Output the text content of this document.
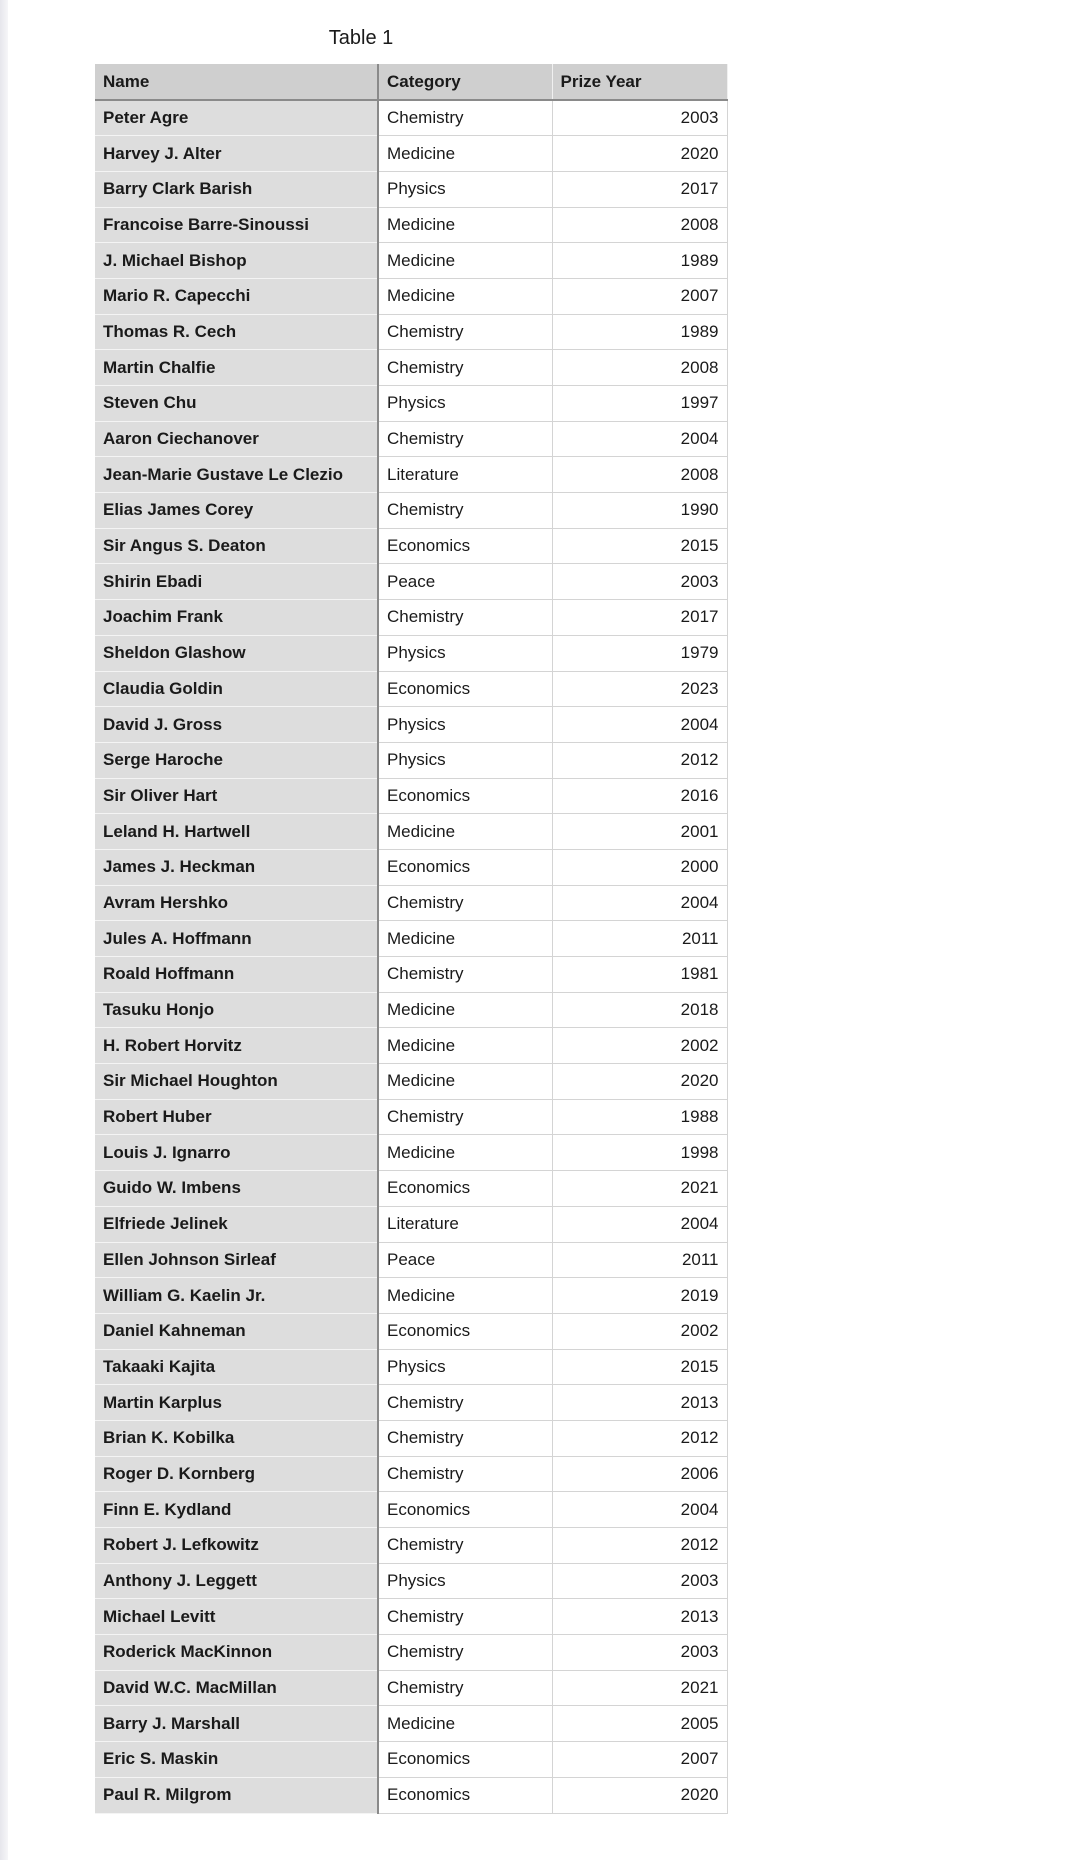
Table 1
Name	Category	Prize Year
Peter Agre	Chemistry	2003
Harvey J. Alter	Medicine	2020
Barry Clark Barish	Physics	2017
Francoise Barre-Sinoussi	Medicine	2008
J. Michael Bishop	Medicine	1989
Mario R. Capecchi	Medicine	2007
Thomas R. Cech	Chemistry	1989
Martin Chalfie	Chemistry	2008
Steven Chu	Physics	1997
Aaron Ciechanover	Chemistry	2004
Jean-Marie Gustave Le Clezio	Literature	2008
Elias James Corey	Chemistry	1990
Sir Angus S. Deaton	Economics	2015
Shirin Ebadi	Peace	2003
Joachim Frank	Chemistry	2017
Sheldon Glashow	Physics	1979
Claudia Goldin	Economics	2023
David J. Gross	Physics	2004
Serge Haroche	Physics	2012
Sir Oliver Hart	Economics	2016
Leland H. Hartwell	Medicine	2001
James J. Heckman	Economics	2000
Avram Hershko	Chemistry	2004
Jules A. Hoffmann	Medicine	2011
Roald Hoffmann	Chemistry	1981
Tasuku Honjo	Medicine	2018
H. Robert Horvitz	Medicine	2002
Sir Michael Houghton	Medicine	2020
Robert Huber	Chemistry	1988
Louis J. Ignarro	Medicine	1998
Guido W. Imbens	Economics	2021
Elfriede Jelinek	Literature	2004
Ellen Johnson Sirleaf	Peace	2011
William G. Kaelin Jr.	Medicine	2019
Daniel Kahneman	Economics	2002
Takaaki Kajita	Physics	2015
Martin Karplus	Chemistry	2013
Brian K. Kobilka	Chemistry	2012
Roger D. Kornberg	Chemistry	2006
Finn E. Kydland	Economics	2004
Robert J. Lefkowitz	Chemistry	2012
Anthony J. Leggett	Physics	2003
Michael Levitt	Chemistry	2013
Roderick MacKinnon	Chemistry	2003
David W.C. MacMillan	Chemistry	2021
Barry J. Marshall	Medicine	2005
Eric S. Maskin	Economics	2007
Paul R. Milgrom	Economics	2020
